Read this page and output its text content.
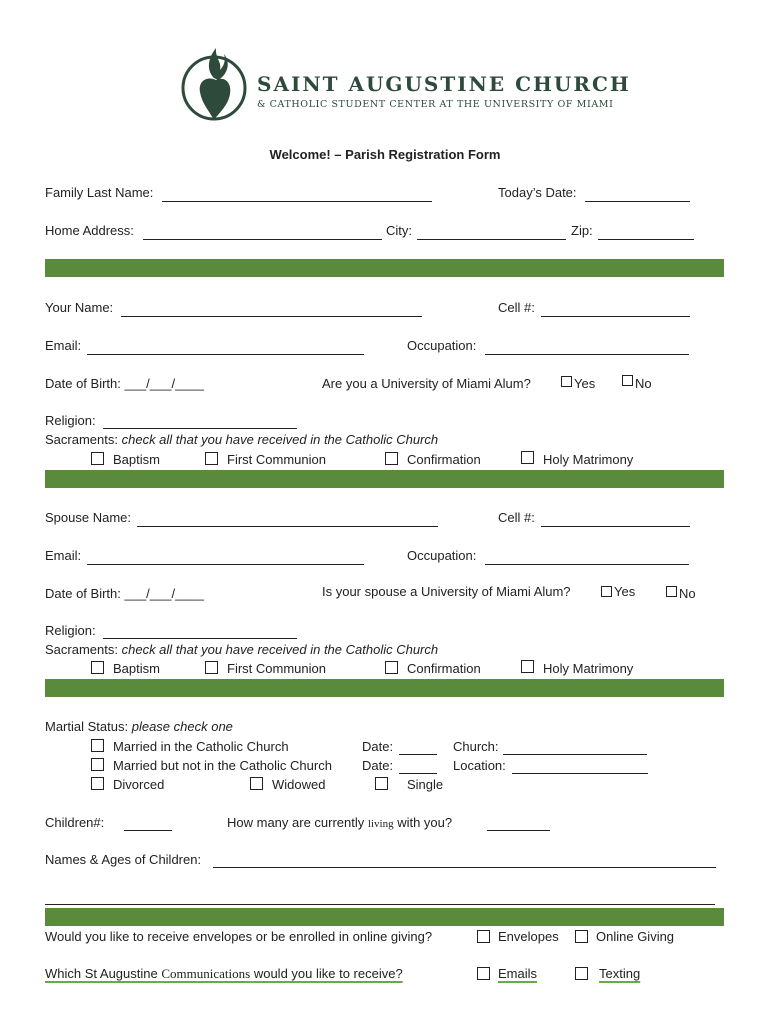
SAINT AUGUSTINE CHURCH
& CATHOLIC STUDENT CENTER AT THE UNIVERSITY OF MIAMI
Welcome! – Parish Registration Form
Family Last Name:	Today’s Date:
Home Address:	City:	Zip:
Your Name:	Cell #:
Email:	Occupation:
Date of Birth: ___/___/____	Are you a University of Miami Alum?	Yes	No
Religion:
Sacraments: check all that you have received in the Catholic Church
Baptism	First Communion	Confirmation	Holy Matrimony
Spouse Name:	Cell #:
Email:	Occupation:
Date of Birth: ___/___/____	Is your spouse a University of Miami Alum?	Yes	No
Religion:
Sacraments: check all that you have received in the Catholic Church
Baptism	First Communion	Confirmation	Holy Matrimony
Martial Status: please check one
Married in the Catholic Church	Date:	Church:
Married but not in the Catholic Church Date:	Location:
Divorced	Widowed	Single
Children#:	How many are currently living with you?
Names & Ages of Children:
Would you like to receive envelopes or be enrolled in online giving?	Envelopes	Online Giving
Which St Augustine Communications would you like to receive?	Emails	Texting
